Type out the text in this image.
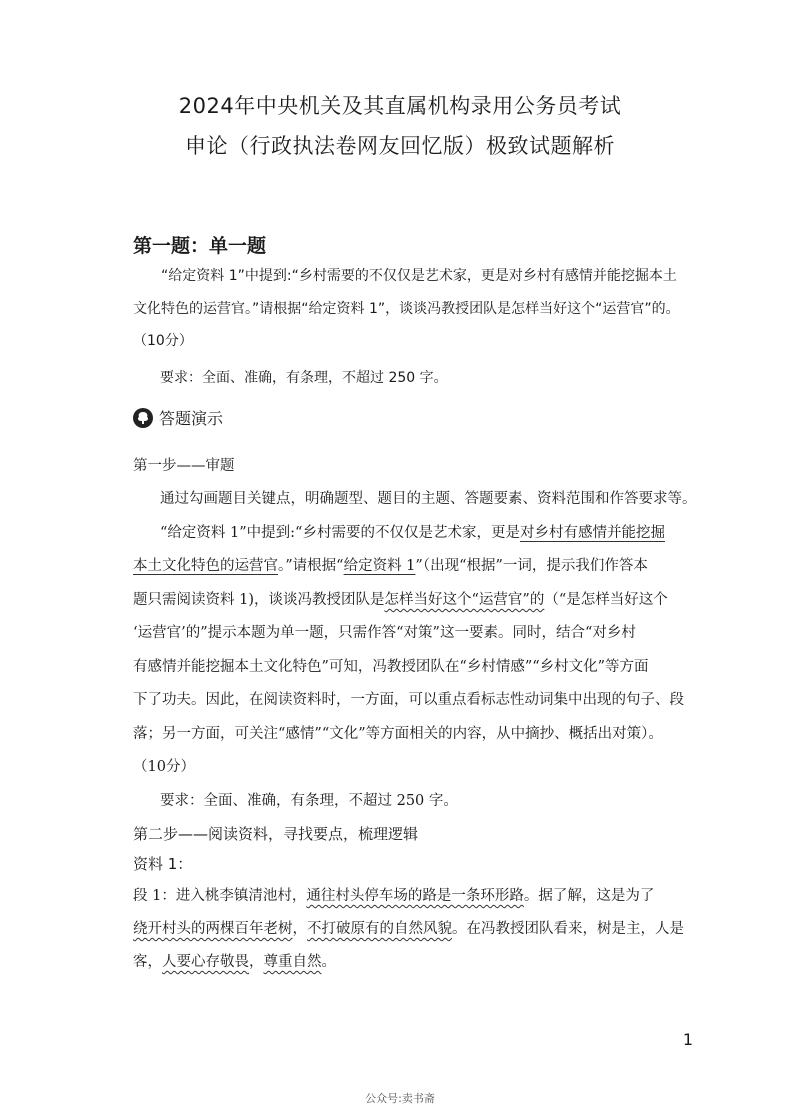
2024年中央机关及其直属机构录用公务员考试
申论（行政执法卷网友回忆版）极致试题解析
第一题：单一题
“给定资料 1”中提到:“乡村需要的不仅仅是艺术家，更是对乡村有感情并能挖掘本土
文化特色的运营官。”请根据“给定资料 1”，谈谈冯教授团队是怎样当好这个“运营官”的。
（10分）
要求：全面、准确，有条理，不超过 250 字。
答题演示
第一步——审题
通过勾画题目关键点，明确题型、题目的主题、答题要素、资料范围和作答要求等。
“给定资料 1”中提到:“乡村需要的不仅仅是艺术家，更是对乡村有感情并能挖掘
本土文化特色的运营官。”请根据“给定资料 1”（出现“根据”一词，提示我们作答本
题只需阅读资料 1)，谈谈冯教授团队是怎样当好这个“运营官”的（“是怎样当好这个
‘运营官’的”提示本题为单一题，只需作答“对策”这一要素。同时，结合“对乡村
有感情并能挖掘本土文化特色”可知，冯教授团队在“乡村情感”“乡村文化”等方面
下了功夫。因此，在阅读资料时，一方面，可以重点看标志性动词集中出现的句子、段
落；另一方面，可关注“感情”“文化”等方面相关的内容，从中摘抄、概括出对策）。
（10分）
要求：全面、准确，有条理，不超过 250 字。
第二步——阅读资料，寻找要点，梳理逻辑
资料 1：
段 1：进入桃李镇清池村，通往村头停车场的路是一条环形路。据了解，这是为了
绕开村头的两棵百年老树，不打破原有的自然风貌。在冯教授团队看来，树是主，人是
客，人要心存敬畏，尊重自然。
1
公众号:卖书斋
